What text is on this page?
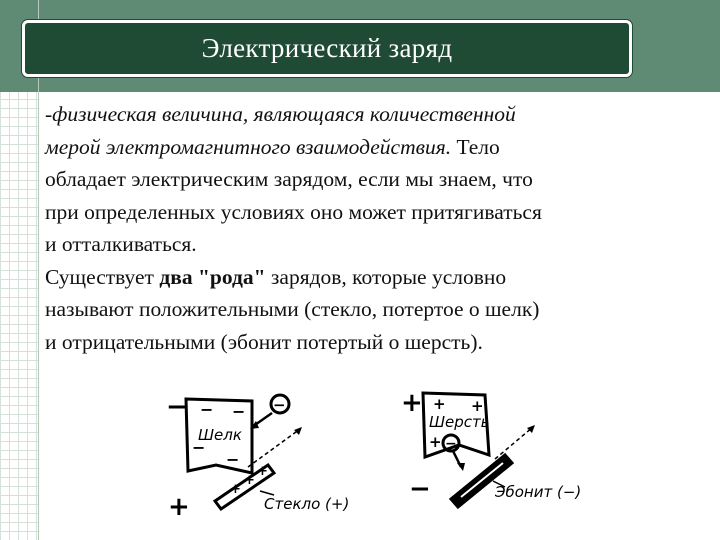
Электрический заряд

-физическая величина, являющаяся количественной

мерой электромагнитного взаимодействия. Тело

обладает электрическим зарядом, если мы знаем, что

при определенных условиях оно может притягиваться

и отталкиваться.

Существует два "рода" зарядов, которые условно

называют положительными (стекло, потертое о шелк)

и отрицательными (эбонит потертый о шерсть).

− − −
−
−
Шелк
−
+
+
+
Стекло (+)
+
+ + +
+
Шерсть
−
Эбонит (−)
−
